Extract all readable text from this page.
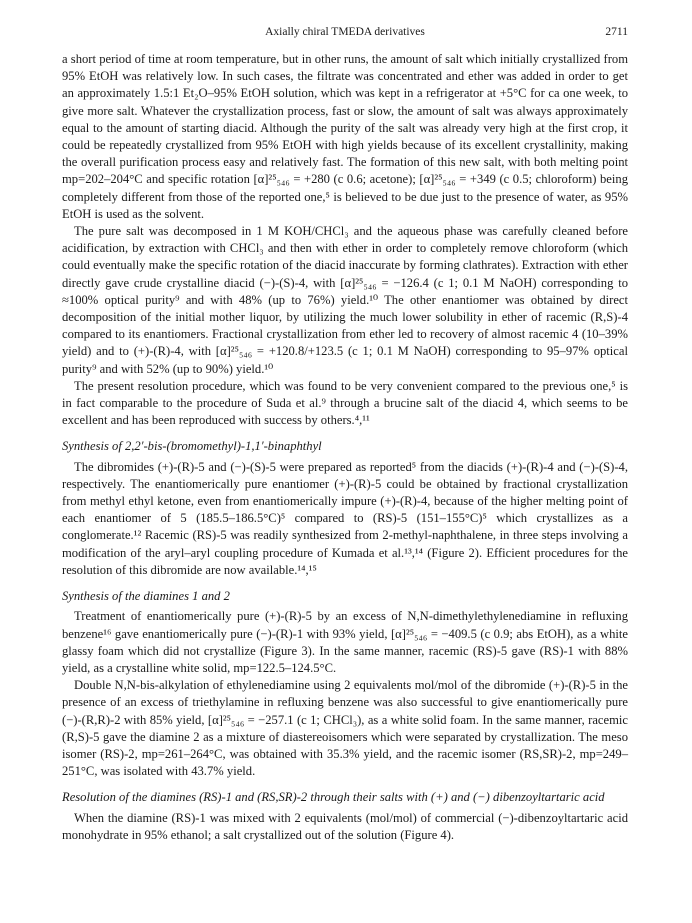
Axially chiral TMEDA derivatives	2711

a short period of time at room temperature, but in other runs, the amount of salt which initially crystallized from 95% EtOH was relatively low. In such cases, the filtrate was concentrated and ether was added in order to get an approximately 1.5:1 Et₂O–95% EtOH solution, which was kept in a refrigerator at +5°C for ca one week, to give more salt. Whatever the crystallization process, fast or slow, the amount of salt was always approximately equal to the amount of starting diacid. Although the purity of the salt was already very high at the first crop, it could be repeatedly crystallized from 95% EtOH with high yields because of its excellent crystallinity, making the overall purification process easy and relatively fast. The formation of this new salt, with both melting point mp=202–204°C and specific rotation [α]²⁵₅₄₆ = +280 (c 0.6; acetone); [α]²⁵₅₄₆ = +349 (c 0.5; chloroform) being completely different from those of the reported one,⁵ is believed to be due just to the presence of water, as 95% EtOH is used as the solvent.

The pure salt was decomposed in 1 M KOH/CHCl₃ and the aqueous phase was carefully cleaned before acidification, by extraction with CHCl₃ and then with ether in order to completely remove chloroform (which could eventually make the specific rotation of the diacid inaccurate by forming clathrates). Extraction with ether directly gave crude crystalline diacid (−)-(S)-4, with [α]²⁵₅₄₆ = −126.4 (c 1; 0.1 M NaOH) corresponding to ≈100% optical purity⁹ and with 48% (up to 76%) yield.¹⁰ The other enantiomer was obtained by direct decomposition of the initial mother liquor, by utilizing the much lower solubility in ether of racemic (R,S)-4 compared to its enantiomers. Fractional crystallization from ether led to recovery of almost racemic 4 (10–39% yield) and to (+)-(R)-4, with [α]²⁵₅₄₆ = +120.8/+123.5 (c 1; 0.1 M NaOH) corresponding to 95–97% optical purity⁹ and with 52% (up to 90%) yield.¹⁰

The present resolution procedure, which was found to be very convenient compared to the previous one,⁵ is in fact comparable to the procedure of Suda et al.⁹ through a brucine salt of the diacid 4, which seems to be excellent and has been reproduced with success by others.⁴,¹¹

Synthesis of 2,2′-bis-(bromomethyl)-1,1′-binaphthyl

The dibromides (+)-(R)-5 and (−)-(S)-5 were prepared as reported⁵ from the diacids (+)-(R)-4 and (−)-(S)-4, respectively. The enantiomerically pure enantiomer (+)-(R)-5 could be obtained by fractional crystallization from methyl ethyl ketone, even from enantiomerically impure (+)-(R)-4, because of the higher melting point of each enantiomer of 5 (185.5–186.5°C)⁵ compared to (RS)-5 (151–155°C)⁵ which crystallizes as a conglomerate.¹² Racemic (RS)-5 was readily synthesized from 2-methyl-naphthalene, in three steps involving a modification of the aryl–aryl coupling procedure of Kumada et al.¹³,¹⁴ (Figure 2). Efficient procedures for the resolution of this dibromide are now available.¹⁴,¹⁵

Synthesis of the diamines 1 and 2

Treatment of enantiomerically pure (+)-(R)-5 by an excess of N,N-dimethylethylenediamine in refluxing benzene¹⁶ gave enantiomerically pure (−)-(R)-1 with 93% yield, [α]²⁵₅₄₆ = −409.5 (c 0.9; abs EtOH), as a white glassy foam which did not crystallize (Figure 3). In the same manner, racemic (RS)-5 gave (RS)-1 with 88% yield, as a crystalline white solid, mp=122.5–124.5°C.

Double N,N-bis-alkylation of ethylenediamine using 2 equivalents mol/mol of the dibromide (+)-(R)-5 in the presence of an excess of triethylamine in refluxing benzene was also successful to give enantiomerically pure (−)-(R,R)-2 with 85% yield, [α]²⁵₅₄₆ = −257.1 (c 1; CHCl₃), as a white solid foam. In the same manner, racemic (R,S)-5 gave the diamine 2 as a mixture of diastereoisomers which were separated by crystallization. The meso isomer (RS)-2, mp=261–264°C, was obtained with 35.3% yield, and the racemic isomer (RS,SR)-2, mp=249–251°C, was isolated with 43.7% yield.

Resolution of the diamines (RS)-1 and (RS,SR)-2 through their salts with (+) and (−) dibenzoyltartaric acid

When the diamine (RS)-1 was mixed with 2 equivalents (mol/mol) of commercial (−)-dibenzoyltartaric acid monohydrate in 95% ethanol; a salt crystallized out of the solution (Figure 4).
